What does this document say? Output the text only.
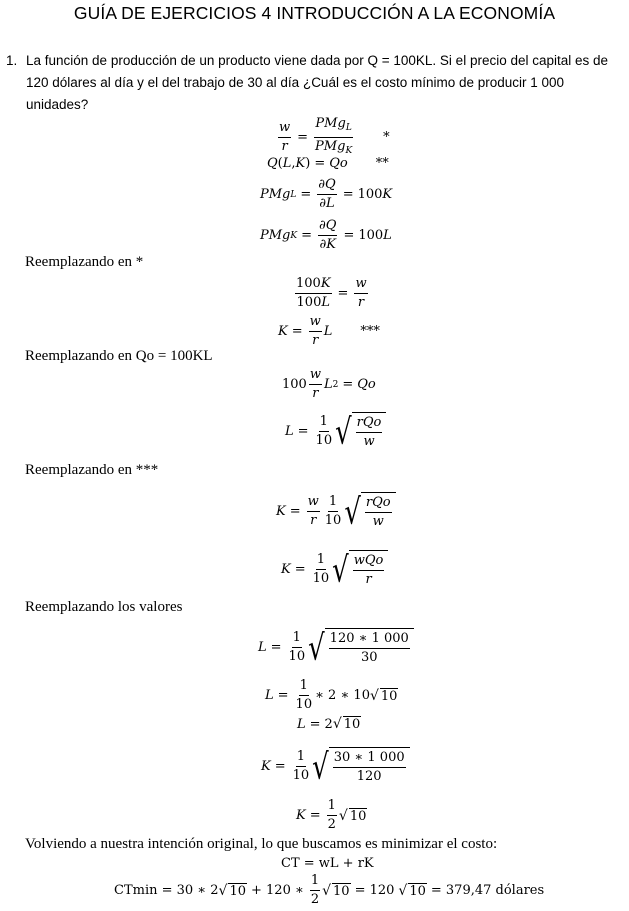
GUÍA DE EJERCICIOS 4 INTRODUCCIÓN A LA ECONOMÍA
1. La función de producción de un producto viene dada por Q = 100KL. Si el precio del capital es de 120 dólares al día y el del trabajo de 30 al día ¿Cuál es el costo mínimo de producir 1 000 unidades?
$\frac{w}{r} = \frac{PMg_L}{PMg_K}$ *
Q ( L , K ) = Qo **
PMg $L = \frac{\partial Q}{\partial L} = 100$ K
PMg $K = \frac{\partial Q}{\partial K} = 100$ L
Reemplazando en *
$\frac{100K}{100L} = \frac{w}{r}$
$K = \frac{w}{r}$ L ***
Reemplazando en Qo = 100KL
$100 \frac{w}{r}$ L 2 = Qo
$L = \frac{1}{10}$ √ $\frac{\text{rQo}}{w}$
Reemplazando en ***
$K = \frac{w}{r} \frac{1}{10}$ √ $\frac{\text{rQo}}{w}$
$K = \frac{1}{10}$ √ $\frac{\text{wQo}}{r}$
Reemplazando los valores
$L = \frac{1}{10}$ √ $\frac{120 ∗ 1 000}{30}$
$L = \frac{1}{10}$ ∗ 2 ∗ 10 √ 10
L = 2 √ 10
$K = \frac{1}{10}$ √ $\frac{30 ∗ 1 000}{120}$
$K = \frac{1}{2}$ √ 10
Volviendo a nuestra intención original, lo que buscamos es minimizar el costo:
CT = wL + rK
CTmin = 30 ∗ 2 √ 10 + 120 ∗ $\frac{1}{2}$ √ 10 = 120 √ 10 = 379,47 dólares
